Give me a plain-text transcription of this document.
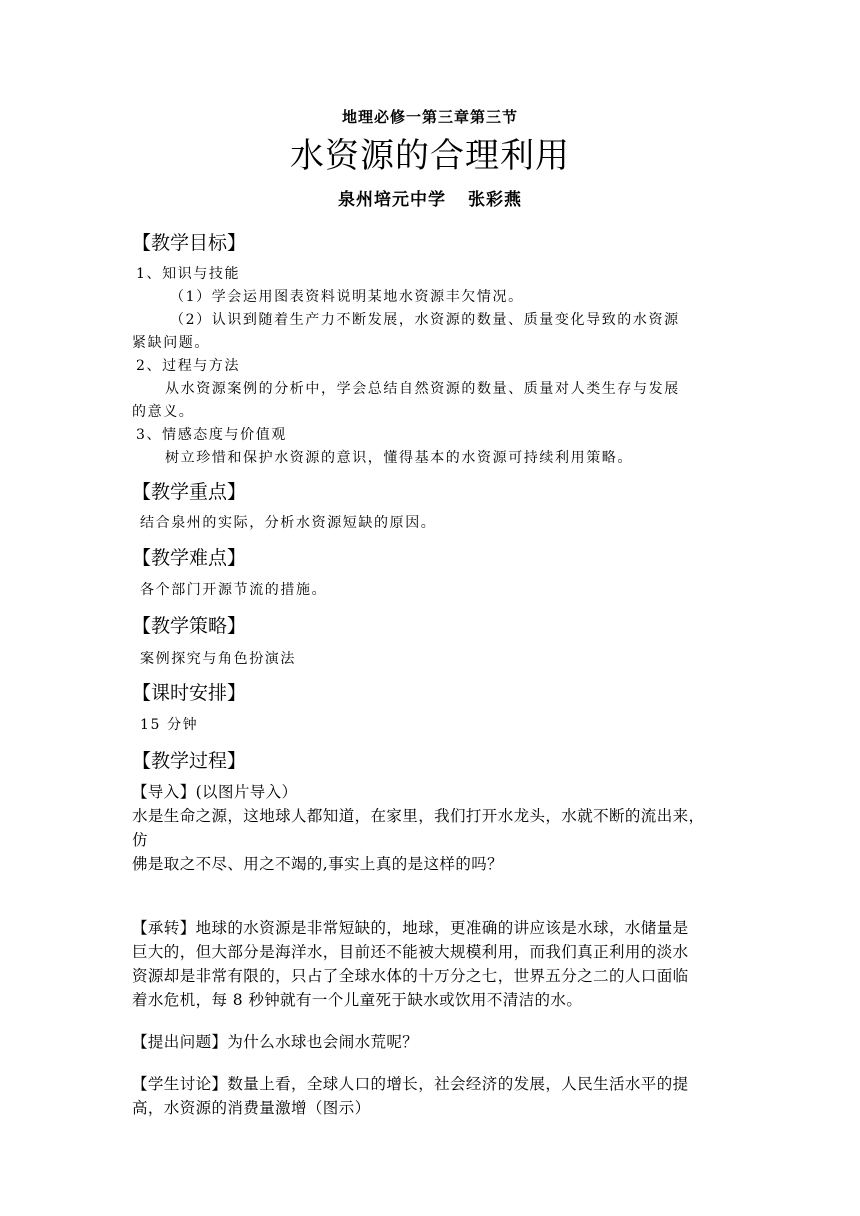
地理必修一第三章第三节
水资源的合理利用
泉州培元中学 张彩燕
【教学目标】
1、知识与技能
（1）学会运用图表资料说明某地水资源丰欠情况。
（2）认识到随着生产力不断发展，水资源的数量、质量变化导致的水资源
紧缺问题。
2、过程与方法
从水资源案例的分析中，学会总结自然资源的数量、质量对人类生存与发展
的意义。
3、情感态度与价值观
树立珍惜和保护水资源的意识，懂得基本的水资源可持续利用策略。
【教学重点】
结合泉州的实际，分析水资源短缺的原因。
【教学难点】
各个部门开源节流的措施。
【教学策略】
案例探究与角色扮演法
【课时安排】
15 分钟
【教学过程】
【导入】(以图片导入）
水是生命之源，这地球人都知道，在家里，我们打开水龙头，水就不断的流出来，
仿
佛是取之不尽、用之不竭的,事实上真的是这样的吗？
【承转】地球的水资源是非常短缺的，地球，更准确的讲应该是水球，水储量是
巨大的，但大部分是海洋水，目前还不能被大规模利用，而我们真正利用的淡水
资源却是非常有限的，只占了全球水体的十万分之七，世界五分之二的人口面临
着水危机，每 8 秒钟就有一个儿童死于缺水或饮用不清洁的水。
【提出问题】为什么水球也会闹水荒呢？
【学生讨论】数量上看，全球人口的增长，社会经济的发展，人民生活水平的提
高，水资源的消费量激增（图示）
